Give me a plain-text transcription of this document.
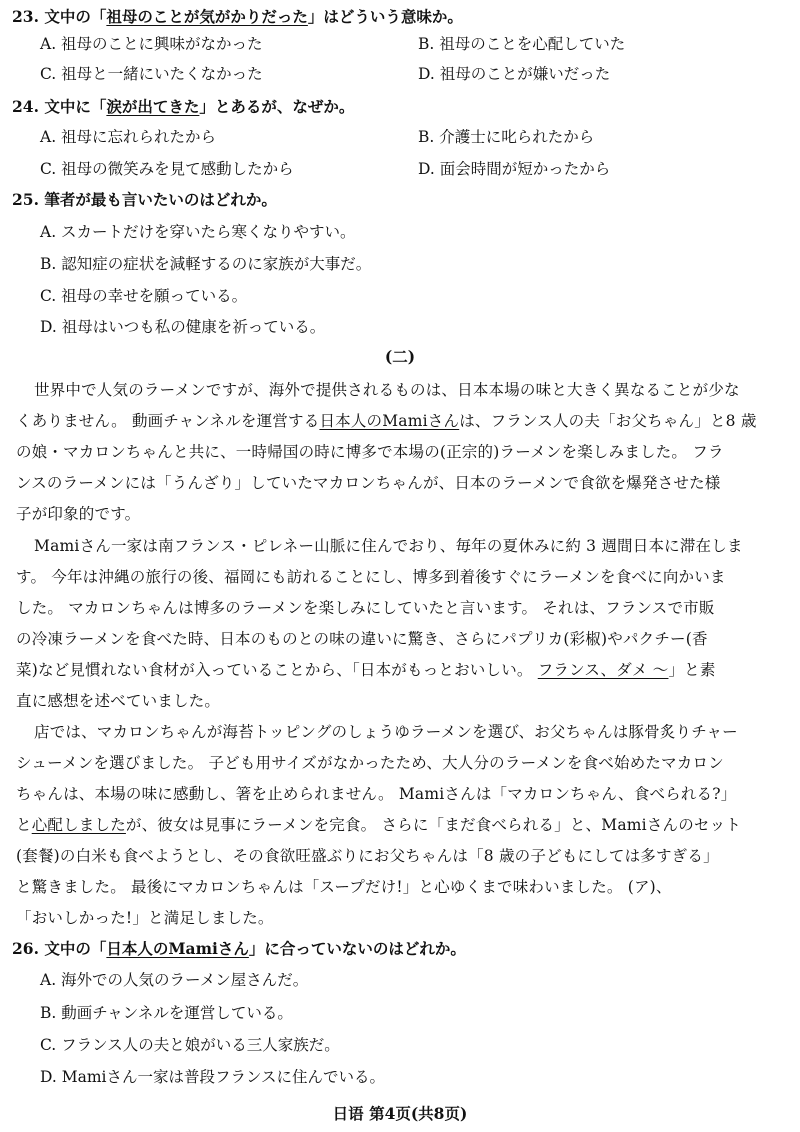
23. 文中の「祖母のことが気がかりだった」はどういう意味か。
A. 祖母のことに興味がなかった	B. 祖母のことを心配していた
C. 祖母と一緒にいたくなかった	D. 祖母のことが嫌いだった
24. 文中に「涙が出てきた」とあるが、なぜか。
A. 祖母に忘れられたから	B. 介護士に叱られたから
C. 祖母の微笑みを見て感動したから	D. 面会時間が短かったから
25. 筆者が最も言いたいのはどれか。
A. スカートだけを穿いたら寒くなりやすい。
B. 認知症の症状を減軽するのに家族が大事だ。
C. 祖母の幸せを願っている。
D. 祖母はいつも私の健康を祈っている。
(二)
世界中で人気のラーメンですが、海外で提供されるものは、日本本場の味と大きく異なることが少な
くありません。 動画チャンネルを運営する日本人のMamiさんは、フランス人の夫「お父ちゃん」と8 歳
の娘・マカロンちゃんと共に、一時帰国の時に博多で本場の(正宗的)ラーメンを楽しみました。 フラ
ンスのラーメンには「うんざり」していたマカロンちゃんが、日本のラーメンで食欲を爆発させた様
子が印象的です。
Mamiさん一家は南フランス・ピレネー山脈に住んでおり、毎年の夏休みに約 3 週間日本に滞在しま
す。 今年は沖縄の旅行の後、福岡にも訪れることにし、博多到着後すぐにラーメンを食べに向かいま
した。 マカロンちゃんは博多のラーメンを楽しみにしていたと言います。 それは、フランスで市販
の冷凍ラーメンを食べた時、日本のものとの味の違いに驚き、さらにパプリカ(彩椒)やパクチー(香
菜)など見慣れない食材が入っていることから、「日本がもっとおいしい。 フランス、ダメ ～」と素
直に感想を述べていました。
店では、マカロンちゃんが海苔トッピングのしょうゆラーメンを選び、お父ちゃんは豚骨炙りチャー
シューメンを選びました。 子ども用サイズがなかったため、大人分のラーメンを食べ始めたマカロン
ちゃんは、本場の味に感動し、箸を止められません。 Mamiさんは「マカロンちゃん、食べられる?」
と心配しましたが、彼女は見事にラーメンを完食。 さらに「まだ食べられる」と、Mamiさんのセット
(套餐)の白米も食べようとし、その食欲旺盛ぶりにお父ちゃんは「8 歳の子どもにしては多すぎる」
と驚きました。 最後にマカロンちゃんは「スープだけ!」と心ゆくまで味わいました。 (ア)、
「おいしかった!」と満足しました。
26. 文中の「日本人のMamiさん」に合っていないのはどれか。
A. 海外での人気のラーメン屋さんだ。
B. 動画チャンネルを運営している。
C. フランス人の夫と娘がいる三人家族だ。
D. Mamiさん一家は普段フランスに住んでいる。
日语 第4页(共8页)
